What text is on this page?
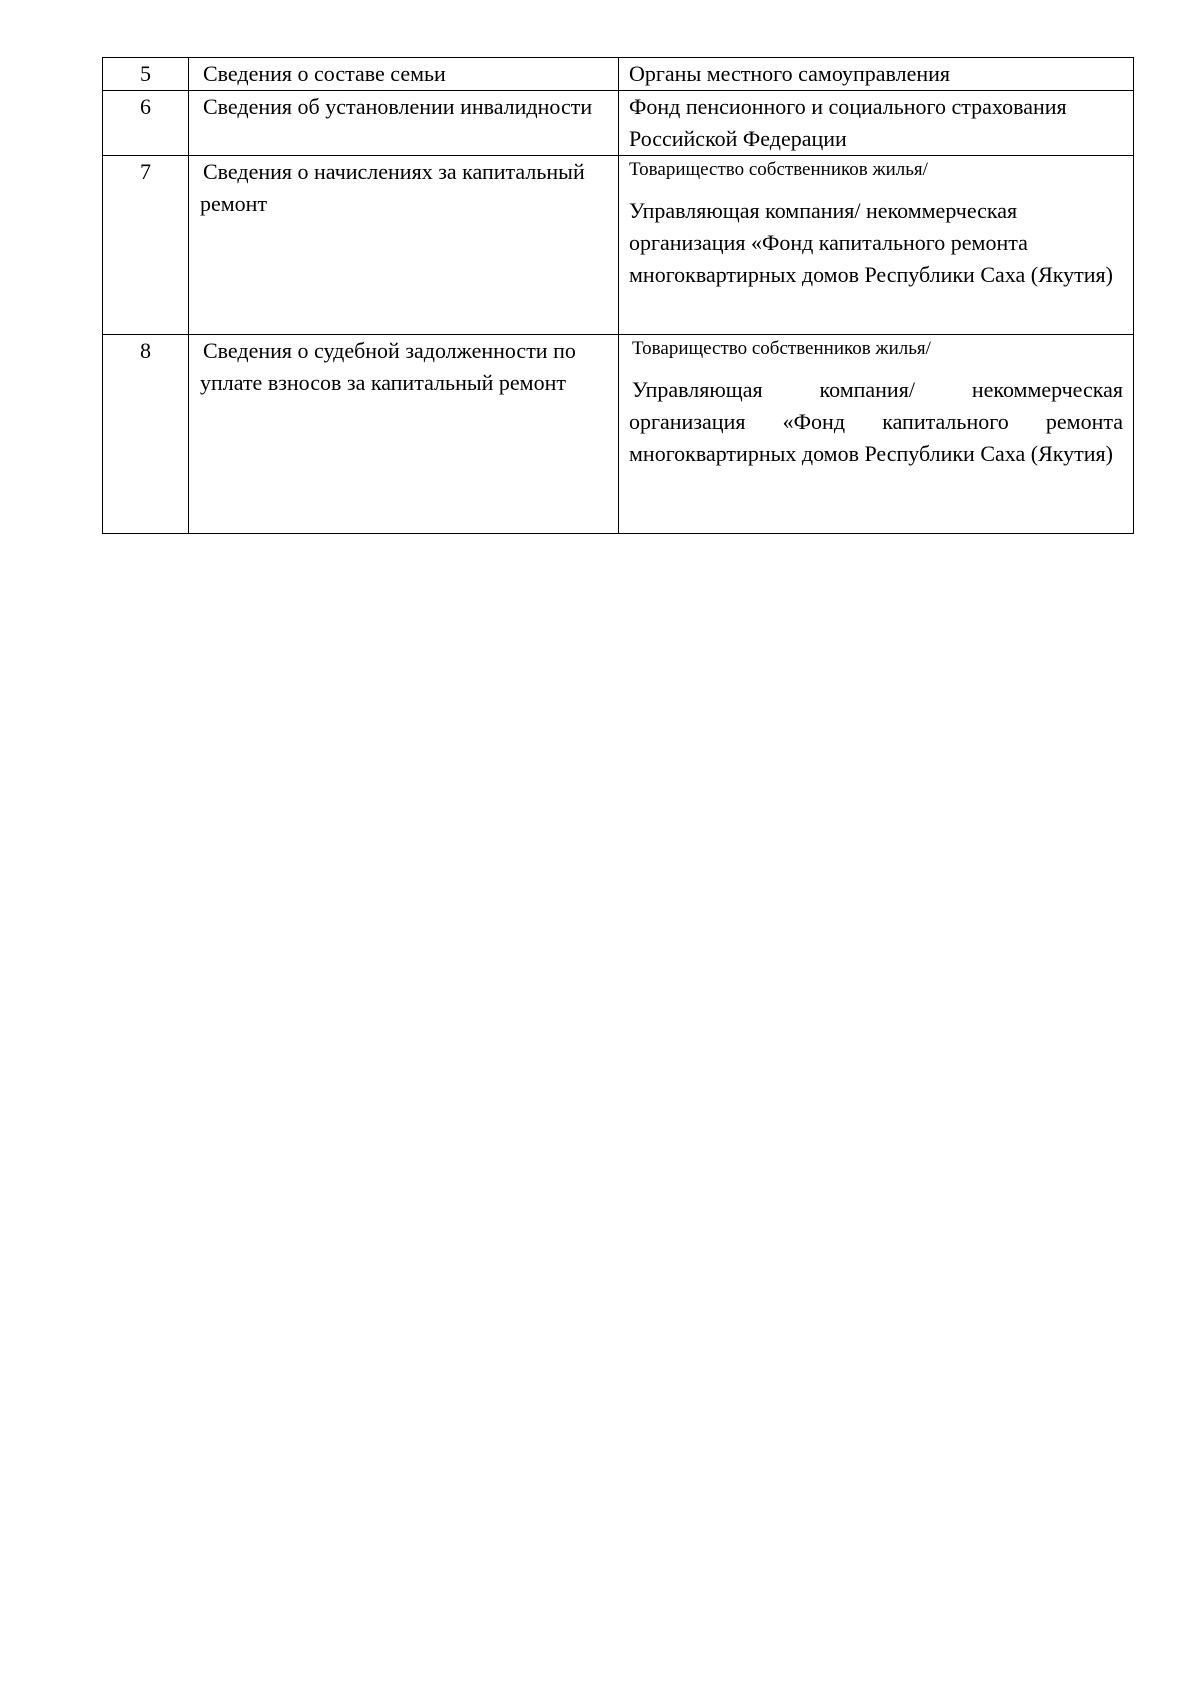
5	Сведения о составе семьи	Органы местного самоуправления
6	Сведения об установлении инвалидности	Фонд пенсионного и социального страхования Российской Федерации
7	Сведения о начислениях за капитальный ремонт	Товарищество собственников жилья/
Управляющая компания/ некоммерческая организация «Фонд капитального ремонта многоквартирных домов Республики Саха (Якутия)

8	Сведения о судебной задолженности по уплате взносов за капитальный ремонт	Товарищество собственников жилья/
Управляющая компания/ некоммерческая организация «Фонд капитального ремонта многоквартирных домов Республики Саха (Якутия)
